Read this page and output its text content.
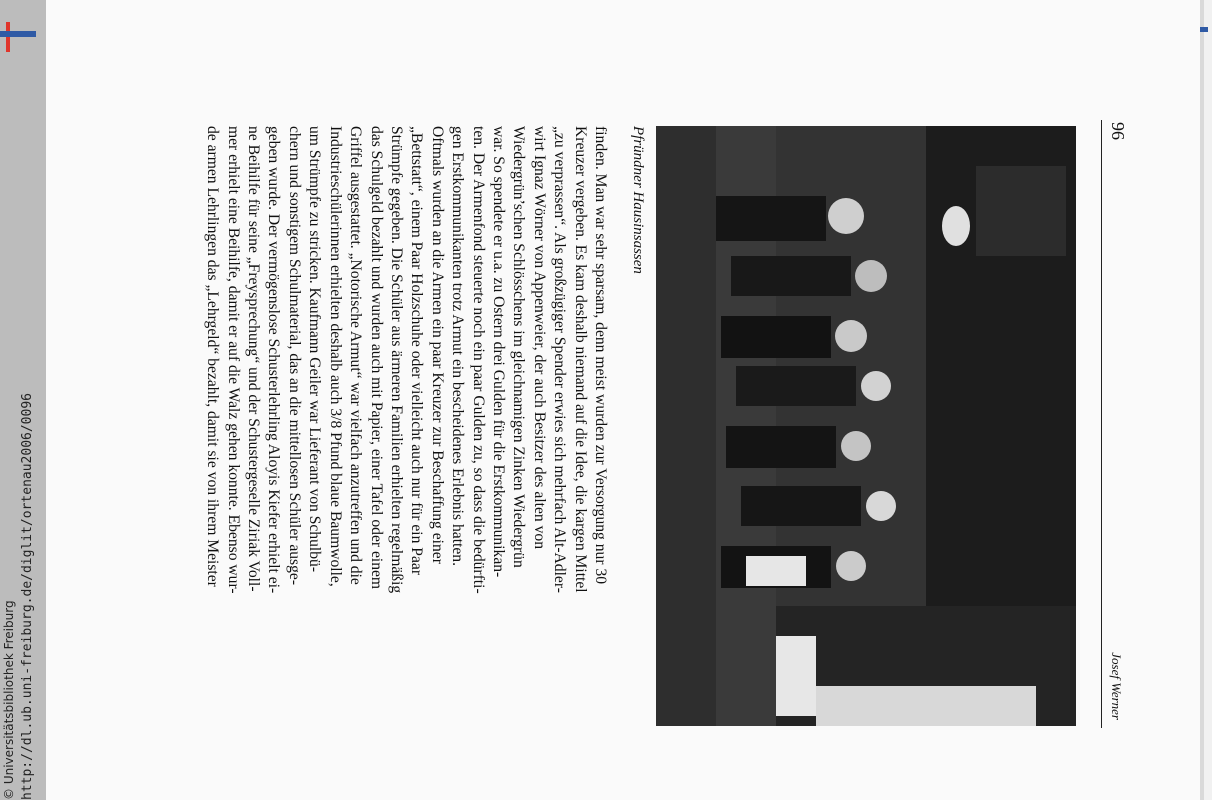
http://dl.ub.uni-freiburg.de/diglit/ortenau2006/0096
© Universitätsbibliothek Freiburg
96
Josef Werner
Pfründner Hausinsassen

finden. Man war sehr sparsam, denn meist wurden zur Versorgung nur 30

Kreuzer vergeben. Es kam deshalb niemand auf die Idee, die kargen Mittel

„zu verprassen“. Als großzügiger Spender erwies sich mehrfach Alt-Adler-

wirt Ignaz Wörner von Appenweier, der auch Besitzer des alten von

Wiedergrün’schen Schlösschens im gleichnamigen Zinken Wiedergrün

war. So spendete er u.a. zu Ostern drei Gulden für die Erstkommunikan-

ten. Der Armenfond steuerte noch ein paar Gulden zu, so dass die bedürfti-

gen Erstkommunikanten trotz Armut ein bescheidenes Erlebnis hatten.

Oftmals wurden an die Armen ein paar Kreuzer zur Beschaffung einer

„Bettstatt“, einem Paar Holzschuhe oder vielleicht auch nur für ein Paar

Strümpfe gegeben. Die Schüler aus ärmeren Familien erhielten regelmäßig

das Schulgeld bezahlt und wurden auch mit Papier, einer Tafel oder einem

Griffel ausgestattet. „Notorische Armut“ war vielfach anzutreffen und die

Industrieschülerinnen erhielten deshalb auch 3/8 Pfund blaue Baumwolle,

um Strümpfe zu stricken. Kaufmann Geiler war Lieferant von Schulbü-

chern und sonstigem Schulmaterial, das an die mittellosen Schüler ausge-

geben wurde. Der vermögenslose Schusterlehrling Aloyis Kiefer erhielt ei-

ne Beihilfe für seine „Freysprechung“ und der Schustergeselle Ziriak Voll-

mer erhielt eine Beihilfe, damit er auf die Walz gehen konnte. Ebenso wur-

de armen Lehrlingen das „Lehrgeld“ bezahlt, damit sie von ihrem Meister
